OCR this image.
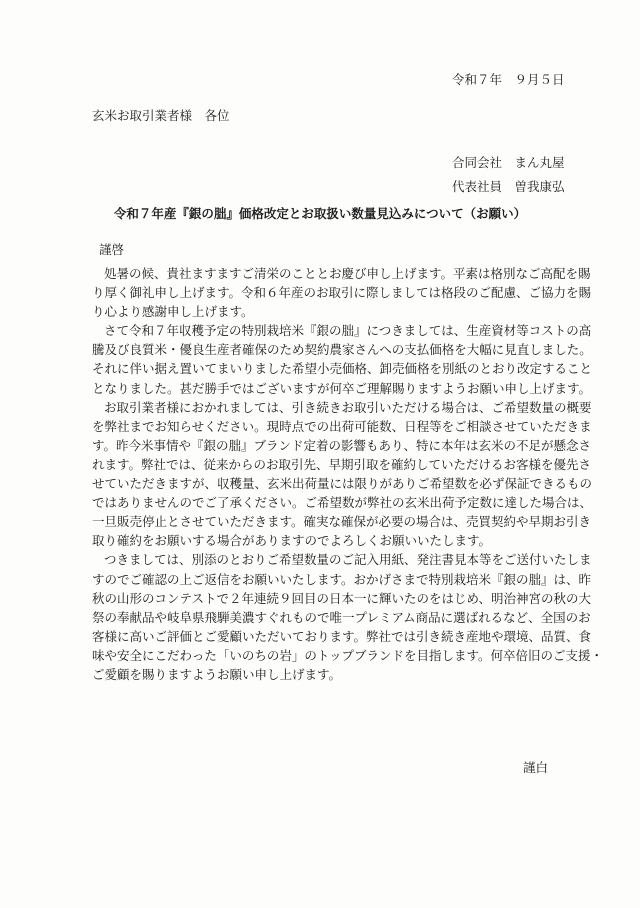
令和７年　９月５日
玄米お取引業者様　各位
合同会社　まん丸屋
代表社員　曽我康弘
令和７年産『銀の朏』価格改定とお取扱い数量見込みについて（お願い）
謹啓
処暑の候、貴社ますますご清栄のこととお慶び申し上げます。平素は格別なご高配を賜
り厚く御礼申し上げます。令和６年産のお取引に際しましては格段のご配慮、ご協力を賜
り心より感謝申し上げます。
さて令和７年収穫予定の特別栽培米『銀の朏』につきましては、生産資材等コストの高
騰及び良質米・優良生産者確保のため契約農家さんへの支払価格を大幅に見直しました。
それに伴い据え置いてまいりました希望小売価格、卸売価格を別紙のとおり改定すること
となりました。甚だ勝手ではございますが何卒ご理解賜りますようお願い申し上げます。
お取引業者様におかれましては、引き続きお取引いただける場合は、ご希望数量の概要
を弊社までお知らせください。現時点での出荷可能数、日程等をご相談させていただきま
す。昨今米事情や『銀の朏』ブランド定着の影響もあり、特に本年は玄米の不足が懸念さ
れます。弊社では、従来からのお取引先、早期引取を確約していただけるお客様を優先さ
せていただきますが、収穫量、玄米出荷量には限りがありご希望数を必ず保証できるもの
ではありませんのでご了承ください。ご希望数が弊社の玄米出荷予定数に達した場合は、
一旦販売停止とさせていただきます。確実な確保が必要の場合は、売買契約や早期お引き
取り確約をお願いする場合がありますのでよろしくお願いいたします。
つきましては、別添のとおりご希望数量のご記入用紙、発注書見本等をご送付いたしま
すのでご確認の上ご返信をお願いいたします。おかげさまで特別栽培米『銀の朏』は、昨
秋の山形のコンテストで２年連続９回目の日本一に輝いたのをはじめ、明治神宮の秋の大
祭の奉献品や岐阜県飛騨美濃すぐれもので唯一プレミアム商品に選ばれるなど、全国のお
客様に高いご評価とご愛顧いただいております。弊社では引き続き産地や環境、品質、食
味や安全にこだわった「いのちの岩」のトップブランドを目指します。何卒倍旧のご支援・
ご愛顧を賜りますようお願い申し上げます。
謹白
